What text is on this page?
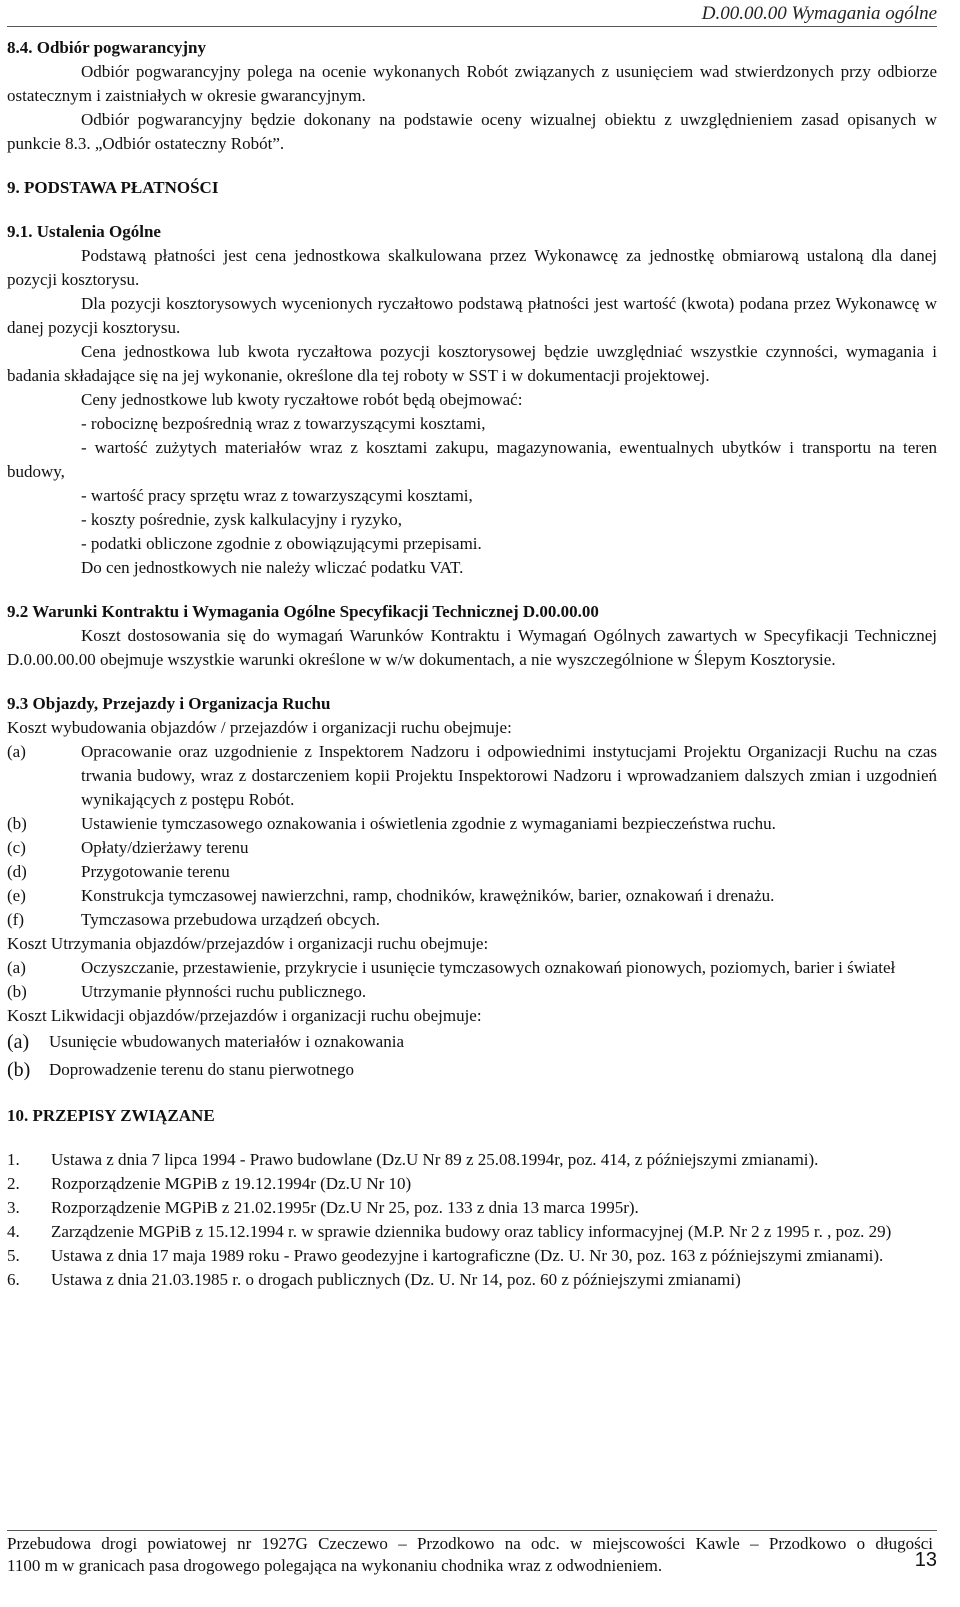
D.00.00.00 Wymagania ogólne
8.4. Odbiór pogwarancyjny

Odbiór pogwarancyjny polega na ocenie wykonanych Robót związanych z usunięciem wad stwierdzonych przy odbiorze ostatecznym i zaistniałych w okresie gwarancyjnym.

Odbiór pogwarancyjny będzie dokonany na podstawie oceny wizualnej obiektu z uwzględnieniem zasad opisanych w punkcie 8.3. „Odbiór ostateczny Robót”.

9. PODSTAWA PŁATNOŚCI
9.1. Ustalenia Ogólne

Podstawą płatności jest cena jednostkowa skalkulowana przez Wykonawcę za jednostkę obmiarową ustaloną dla danej pozycji kosztorysu.

Dla pozycji kosztorysowych wycenionych ryczałtowo podstawą płatności jest wartość (kwota) podana przez Wykonawcę w danej pozycji kosztorysu.

Cena jednostkowa lub kwota ryczałtowa pozycji kosztorysowej będzie uwzględniać wszystkie czynności, wymagania i badania składające się na jej wykonanie, określone dla tej roboty w SST i w dokumentacji projektowej.

Ceny jednostkowe lub kwoty ryczałtowe robót będą obejmować:

- robociznę bezpośrednią wraz z towarzyszącymi kosztami,

- wartość zużytych materiałów wraz z kosztami zakupu, magazynowania, ewentualnych ubytków i transportu na teren budowy,

- wartość pracy sprzętu wraz z towarzyszącymi kosztami,

- koszty pośrednie, zysk kalkulacyjny i ryzyko,

- podatki obliczone zgodnie z obowiązującymi przepisami.

Do cen jednostkowych nie należy wliczać podatku VAT.

9.2 Warunki Kontraktu i Wymagania Ogólne Specyfikacji Technicznej D.00.00.00

Koszt dostosowania się do wymagań Warunków Kontraktu i Wymagań Ogólnych zawartych w Specyfikacji Technicznej D.0.00.00.00 obejmuje wszystkie warunki określone w w/w dokumentach, a nie wyszczególnione w Ślepym Kosztorysie.

9.3 Objazdy, Przejazdy i Organizacja Ruchu

Koszt wybudowania objazdów / przejazdów i organizacji ruchu obejmuje:

(a)	Opracowanie oraz uzgodnienie z Inspektorem Nadzoru i odpowiednimi instytucjami Projektu Organizacji Ruchu na czas trwania budowy, wraz z dostarczeniem kopii Projektu Inspektorowi Nadzoru i wprowadzaniem dalszych zmian i uzgodnień wynikających z postępu Robót.
(b)	Ustawienie tymczasowego oznakowania i oświetlenia zgodnie z wymaganiami bezpieczeństwa ruchu.
(c)	Opłaty/dzierżawy terenu
(d)	Przygotowanie terenu
(e)	Konstrukcja tymczasowej nawierzchni, ramp, chodników, krawężników, barier, oznakowań i drenażu.
(f)	Tymczasowa przebudowa urządzeń obcych.

Koszt Utrzymania objazdów/przejazdów i organizacji ruchu obejmuje:

(a)	Oczyszczanie, przestawienie, przykrycie i usunięcie tymczasowych oznakowań pionowych, poziomych, barier i świateł
(b)	Utrzymanie płynności ruchu publicznego.

Koszt Likwidacji objazdów/przejazdów i organizacji ruchu obejmuje:

(a)	Usunięcie wbudowanych materiałów i oznakowania
(b)	Doprowadzenie terenu do stanu pierwotnego
10. PRZEPISY ZWIĄZANE
1.	Ustawa z dnia 7 lipca 1994 - Prawo budowlane (Dz.U Nr 89 z 25.08.1994r, poz. 414, z późniejszymi zmianami).
2.	Rozporządzenie MGPiB z 19.12.1994r (Dz.U Nr 10)
3.	Rozporządzenie MGPiB z 21.02.1995r (Dz.U Nr 25, poz. 133 z dnia 13 marca 1995r).
4.	Zarządzenie MGPiB z 15.12.1994 r. w sprawie dziennika budowy oraz tablicy informacyjnej (M.P. Nr 2 z 1995 r. , poz. 29)
5.	Ustawa z dnia 17 maja 1989 roku - Prawo geodezyjne i kartograficzne (Dz. U. Nr 30, poz. 163 z późniejszymi zmianami).
6.	Ustawa z dnia 21.03.1985 r. o drogach publicznych (Dz. U. Nr 14, poz. 60 z późniejszymi zmianami)
Przebudowa drogi powiatowej nr 1927G Czeczewo – Przodkowo na odc. w miejscowości Kawle – Przodkowo o długości
1100 m w granicach pasa drogowego polegająca na wykonaniu chodnika wraz z odwodnieniem.	13
